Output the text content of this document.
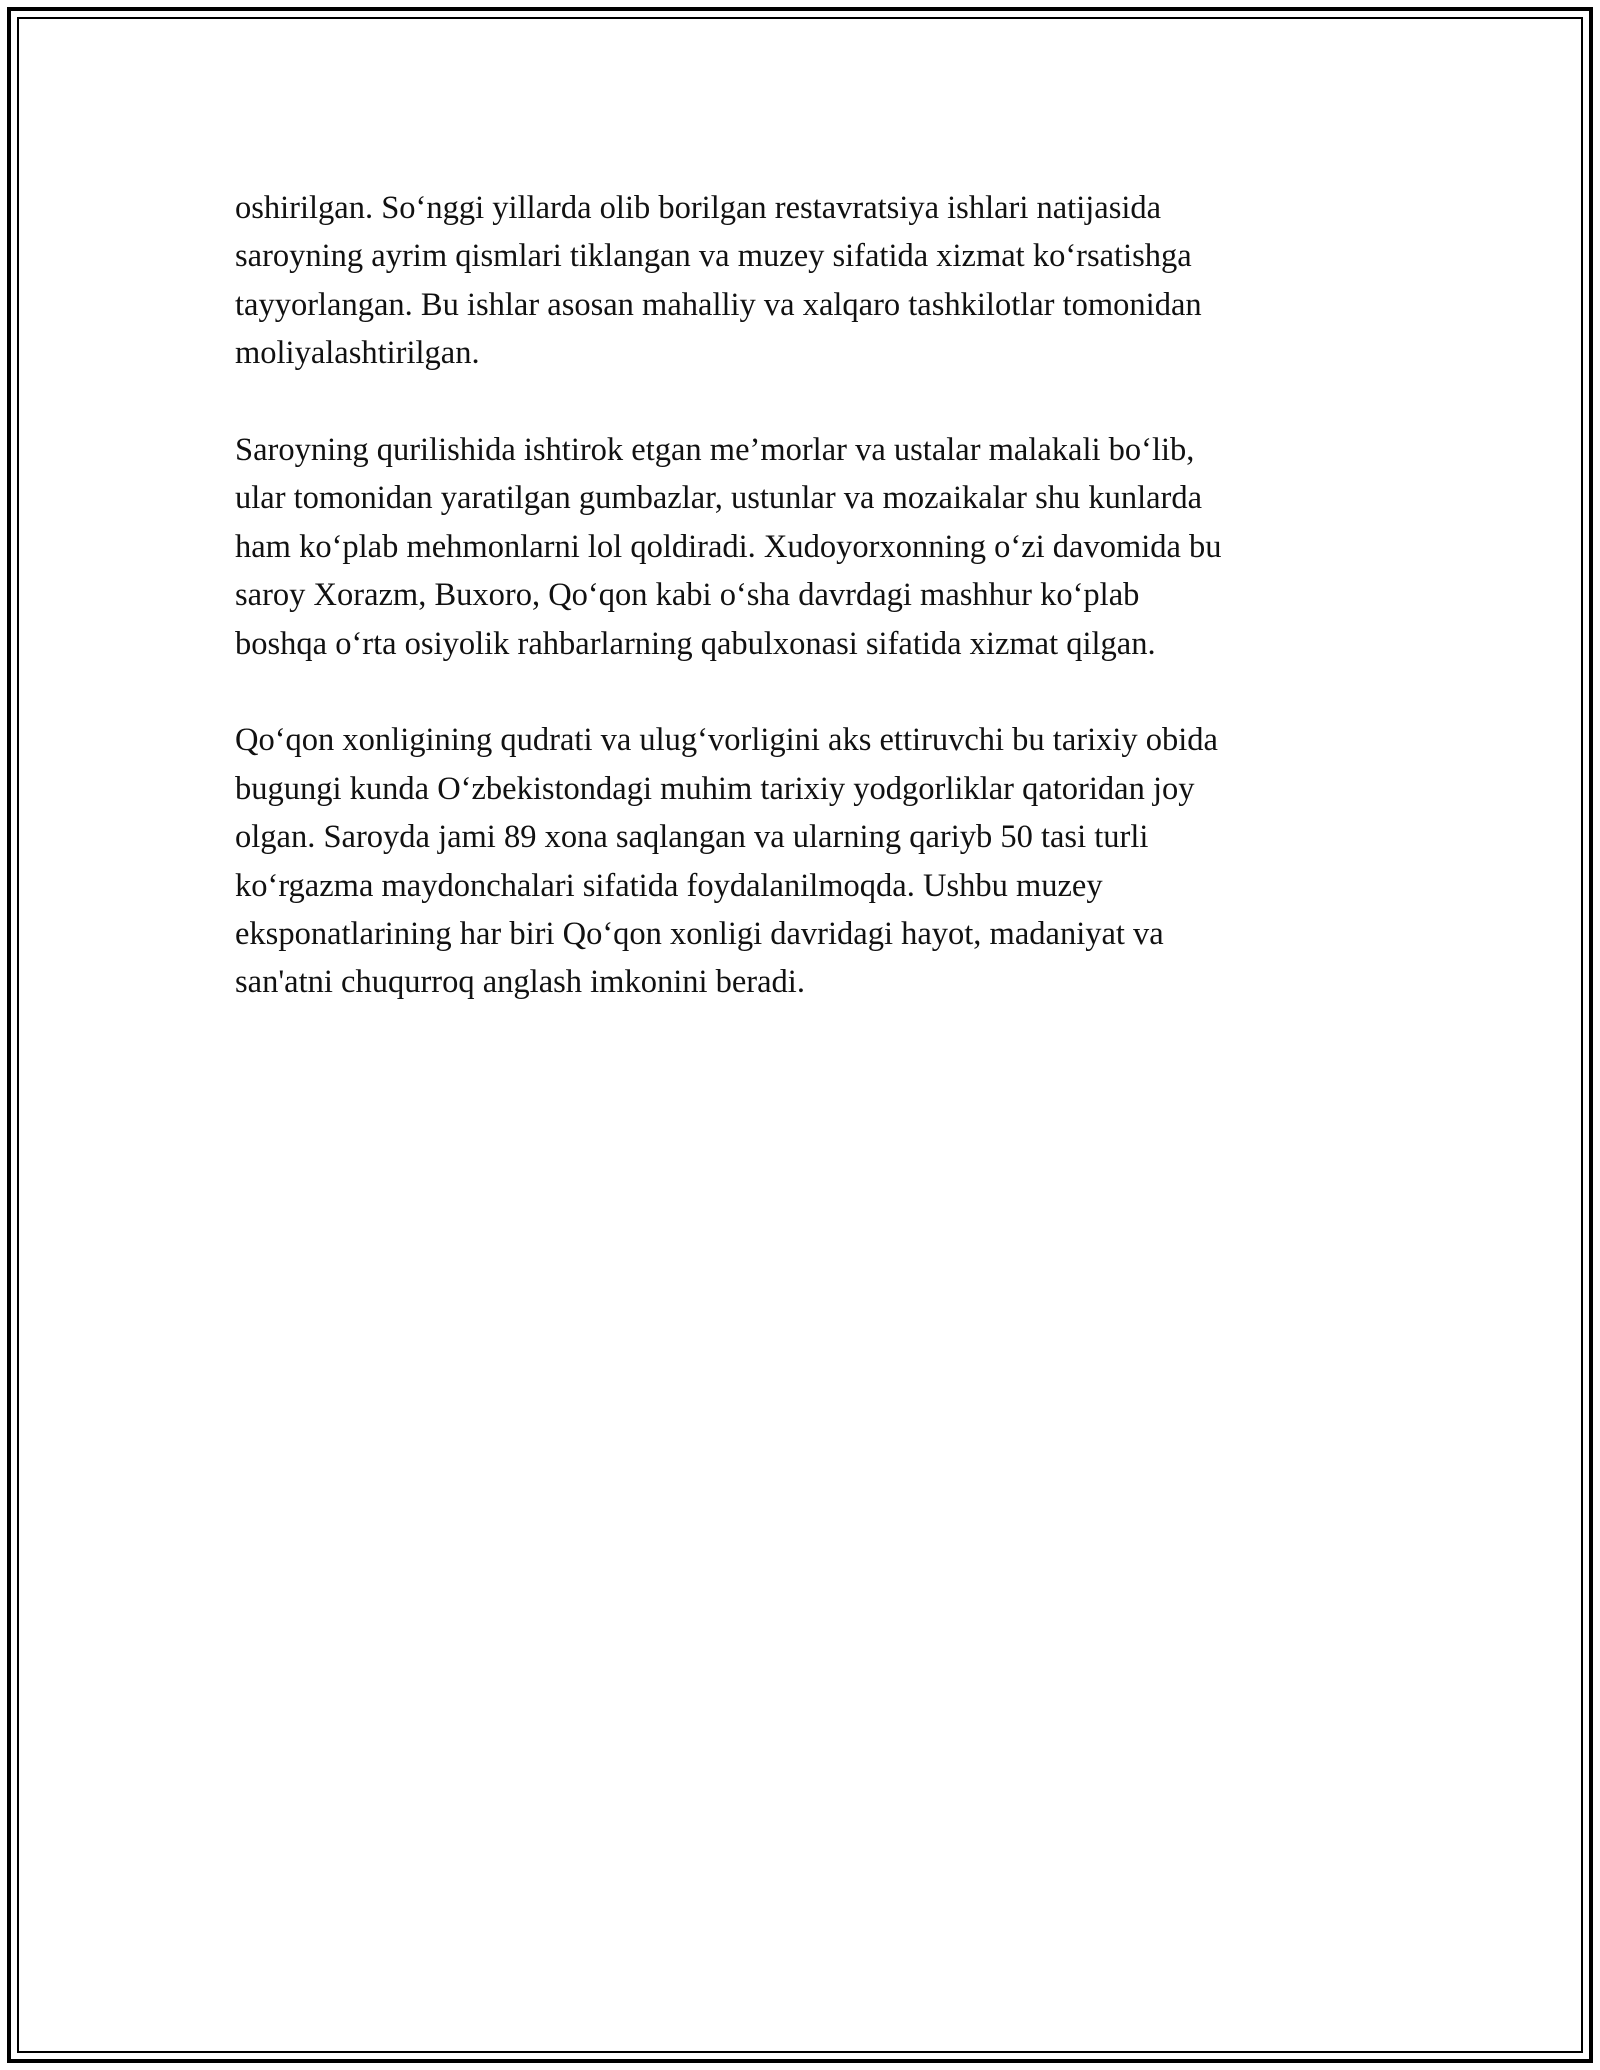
oshirilgan. So‘nggi yillarda olib borilgan restavratsiya ishlari natijasida
saroyning ayrim qismlari tiklangan va muzey sifatida xizmat ko‘rsatishga
tayyorlangan. Bu ishlar asosan mahalliy va xalqaro tashkilotlar tomonidan
moliyalashtirilgan.

Saroyning qurilishida ishtirok etgan me’morlar va ustalar malakali bo‘lib,
ular tomonidan yaratilgan gumbazlar, ustunlar va mozaikalar shu kunlarda
ham ko‘plab mehmonlarni lol qoldiradi. Xudoyorxonning o‘zi davomida bu
saroy Xorazm, Buxoro, Qo‘qon kabi o‘sha davrdagi mashhur ko‘plab
boshqa o‘rta osiyolik rahbarlarning qabulxonasi sifatida xizmat qilgan.

Qo‘qon xonligining qudrati va ulug‘vorligini aks ettiruvchi bu tarixiy obida
bugungi kunda O‘zbekistondagi muhim tarixiy yodgorliklar qatoridan joy
olgan. Saroyda jami 89 xona saqlangan va ularning qariyb 50 tasi turli
ko‘rgazma maydonchalari sifatida foydalanilmoqda. Ushbu muzey
eksponatlarining har biri Qo‘qon xonligi davridagi hayot, madaniyat va
san'atni chuqurroq anglash imkonini beradi.
